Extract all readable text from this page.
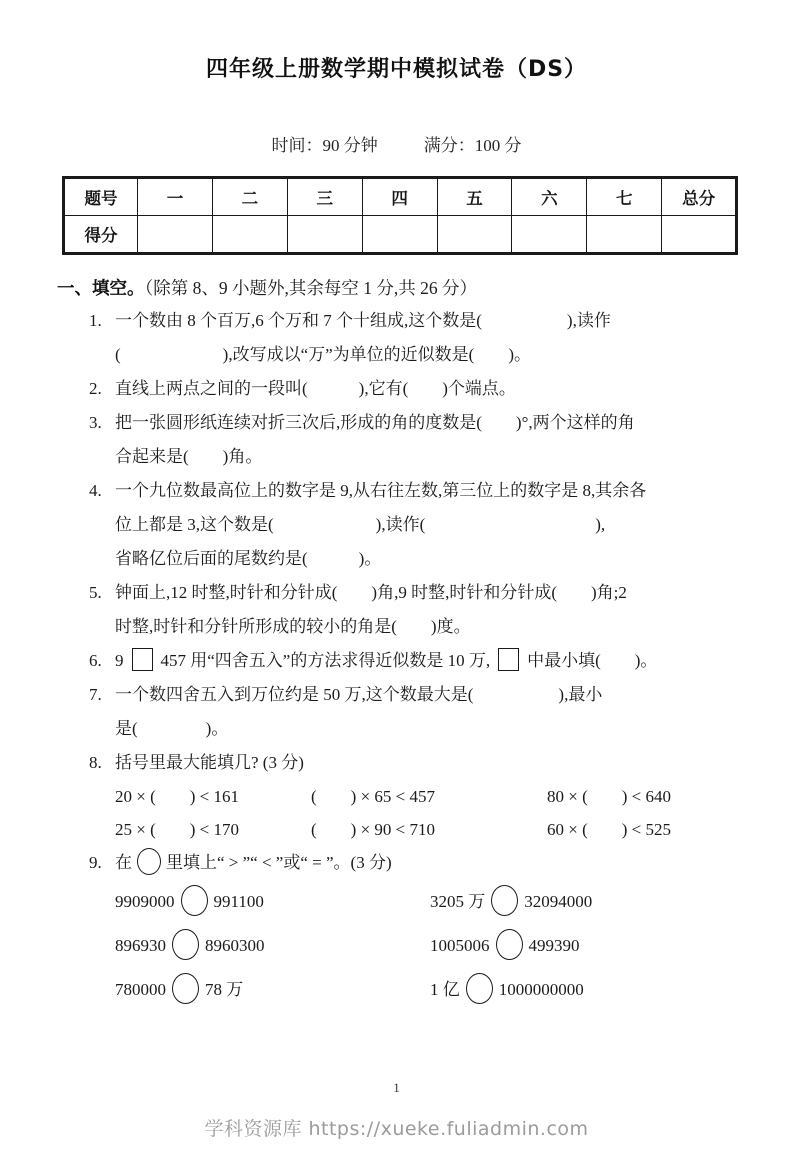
四年级上册数学期中模拟试卷（DS）
时间：90 分钟	满分：100 分
题号	一	二	三	四	五	六	七	总分
得分								
一、填空。（除第 8、9 小题外,其余每空 1 分,共 26 分）
1. 一个数由 8 个百万,6 个万和 7 个十组成,这个数是(　　　　　),读作
(　　　　　　),改写成以“万”为单位的近似数是(　　)。
2. 直线上两点之间的一段叫(　　　),它有(　　)个端点。
3. 把一张圆形纸连续对折三次后,形成的角的度数是(　　)°,两个这样的角
合起来是(　　)角。
4. 一个九位数最高位上的数字是 9,从右往左数,第三位上的数字是 8,其余各
位上都是 3,这个数是(　　　　　　),读作(　　　　　　　　　　),
省略亿位后面的尾数约是(　　　)。
5. 钟面上,12 时整,时针和分针成(　　)角,9 时整,时针和分针成(　　)角;2
时整,时针和分针所形成的较小的角是(　　)度。
6. 9 457 用“四舍五入”的方法求得近似数是 10 万, 中最小填(　　)。
7. 一个数四舍五入到万位约是 50 万,这个数最大是(　　　　　),最小
是(　　　　)。
8. 括号里最大能填几? (3 分)
20 × (　　) < 161	(　　) × 65 < 457	80 × (　　) < 640
25 × (　　) < 170	(　　) × 90 < 710	60 × (　　) < 525
9. 在 里填上“ > ”“ < ”或“ = ”。(3 分)
9909000 991100	3205 万 32094000
896930 8960300	1005006 499390
780000 78 万	1 亿 1000000000
1
学科资源库 https://xueke.fuliadmin.com
